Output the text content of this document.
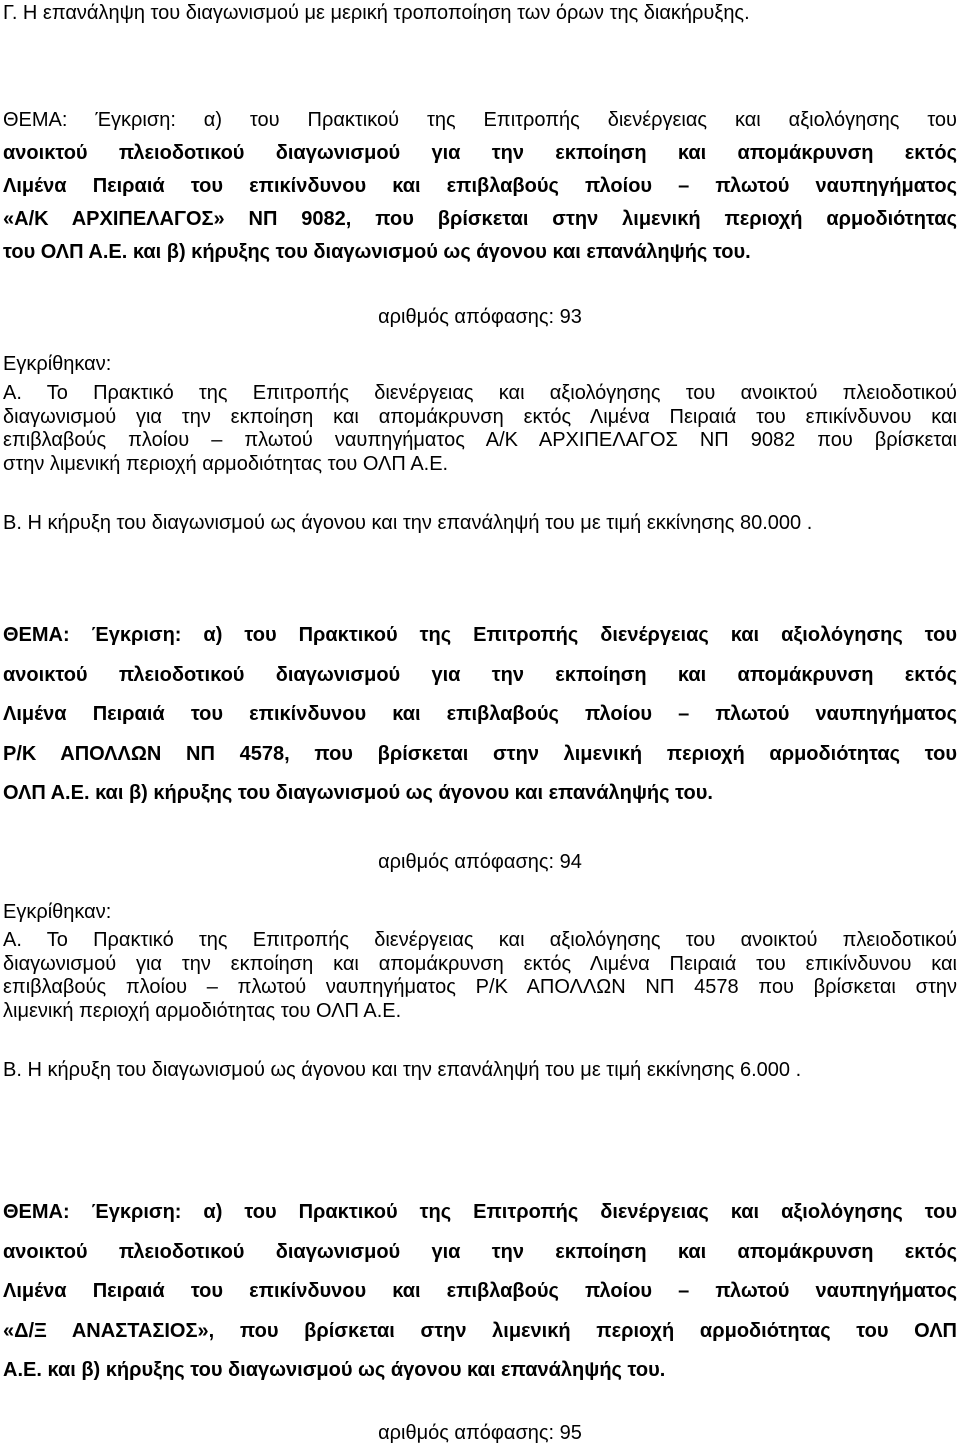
Γ. Η επανάληψη του διαγωνισμού με μερική τροποποίηση των όρων της διακήρυξης.
ΘΕΜΑ: Έγκριση: α) του Πρακτικού της Επιτροπής διενέργειας και αξιολόγησης του
ανοικτού πλειοδοτικού διαγωνισμού για την εκποίηση και απομάκρυνση εκτός
Λιμένα Πειραιά του επικίνδυνου και επιβλαβούς πλοίου – πλωτού ναυπηγήματος
«Α/Κ ΑΡΧΙΠΕΛΑΓΟΣ» ΝΠ 9082, που βρίσκεται στην λιμενική περιοχή αρμοδιότητας
του ΟΛΠ Α.Ε. και β) κήρυξης του διαγωνισμού ως άγονου και επανάληψής του.
αριθμός απόφασης: 93
Εγκρίθηκαν:
Α. Το Πρακτικό της Επιτροπής διενέργειας και αξιολόγησης του ανοικτού πλειοδοτικού
διαγωνισμού για την εκποίηση και απομάκρυνση εκτός Λιμένα Πειραιά του επικίνδυνου και
επιβλαβούς πλοίου – πλωτού ναυπηγήματος Α/Κ ΑΡΧΙΠΕΛΑΓΟΣ ΝΠ 9082 που βρίσκεται
στην λιμενική περιοχή αρμοδιότητας του ΟΛΠ Α.Ε.
Β. Η κήρυξη του διαγωνισμού ως άγονου και την επανάληψή του με τιμή εκκίνησης 80.000 .
ΘΕΜΑ: Έγκριση: α) του Πρακτικού της Επιτροπής διενέργειας και αξιολόγησης του
ανοικτού πλειοδοτικού διαγωνισμού για την εκποίηση και απομάκρυνση εκτός
Λιμένα Πειραιά του επικίνδυνου και επιβλαβούς πλοίου – πλωτού ναυπηγήματος
Ρ/Κ ΑΠΟΛΛΩΝ ΝΠ 4578, που βρίσκεται στην λιμενική περιοχή αρμοδιότητας του
ΟΛΠ Α.Ε. και β) κήρυξης του διαγωνισμού ως άγονου και επανάληψής του.
αριθμός απόφασης: 94
Εγκρίθηκαν:
Α. Το Πρακτικό της Επιτροπής διενέργειας και αξιολόγησης του ανοικτού πλειοδοτικού
διαγωνισμού για την εκποίηση και απομάκρυνση εκτός Λιμένα Πειραιά του επικίνδυνου και
επιβλαβούς πλοίου – πλωτού ναυπηγήματος Ρ/Κ ΑΠΟΛΛΩΝ ΝΠ 4578 που βρίσκεται στην
λιμενική περιοχή αρμοδιότητας του ΟΛΠ Α.Ε.
Β. Η κήρυξη του διαγωνισμού ως άγονου και την επανάληψή του με τιμή εκκίνησης 6.000 .
ΘΕΜΑ: Έγκριση: α) του Πρακτικού της Επιτροπής διενέργειας και αξιολόγησης του
ανοικτού πλειοδοτικού διαγωνισμού για την εκποίηση και απομάκρυνση εκτός
Λιμένα Πειραιά του επικίνδυνου και επιβλαβούς πλοίου – πλωτού ναυπηγήματος
«Δ/Ξ ΑΝΑΣΤΑΣΙΟΣ», που βρίσκεται στην λιμενική περιοχή αρμοδιότητας του ΟΛΠ
Α.Ε. και β) κήρυξης του διαγωνισμού ως άγονου και επανάληψής του.
αριθμός απόφασης: 95
